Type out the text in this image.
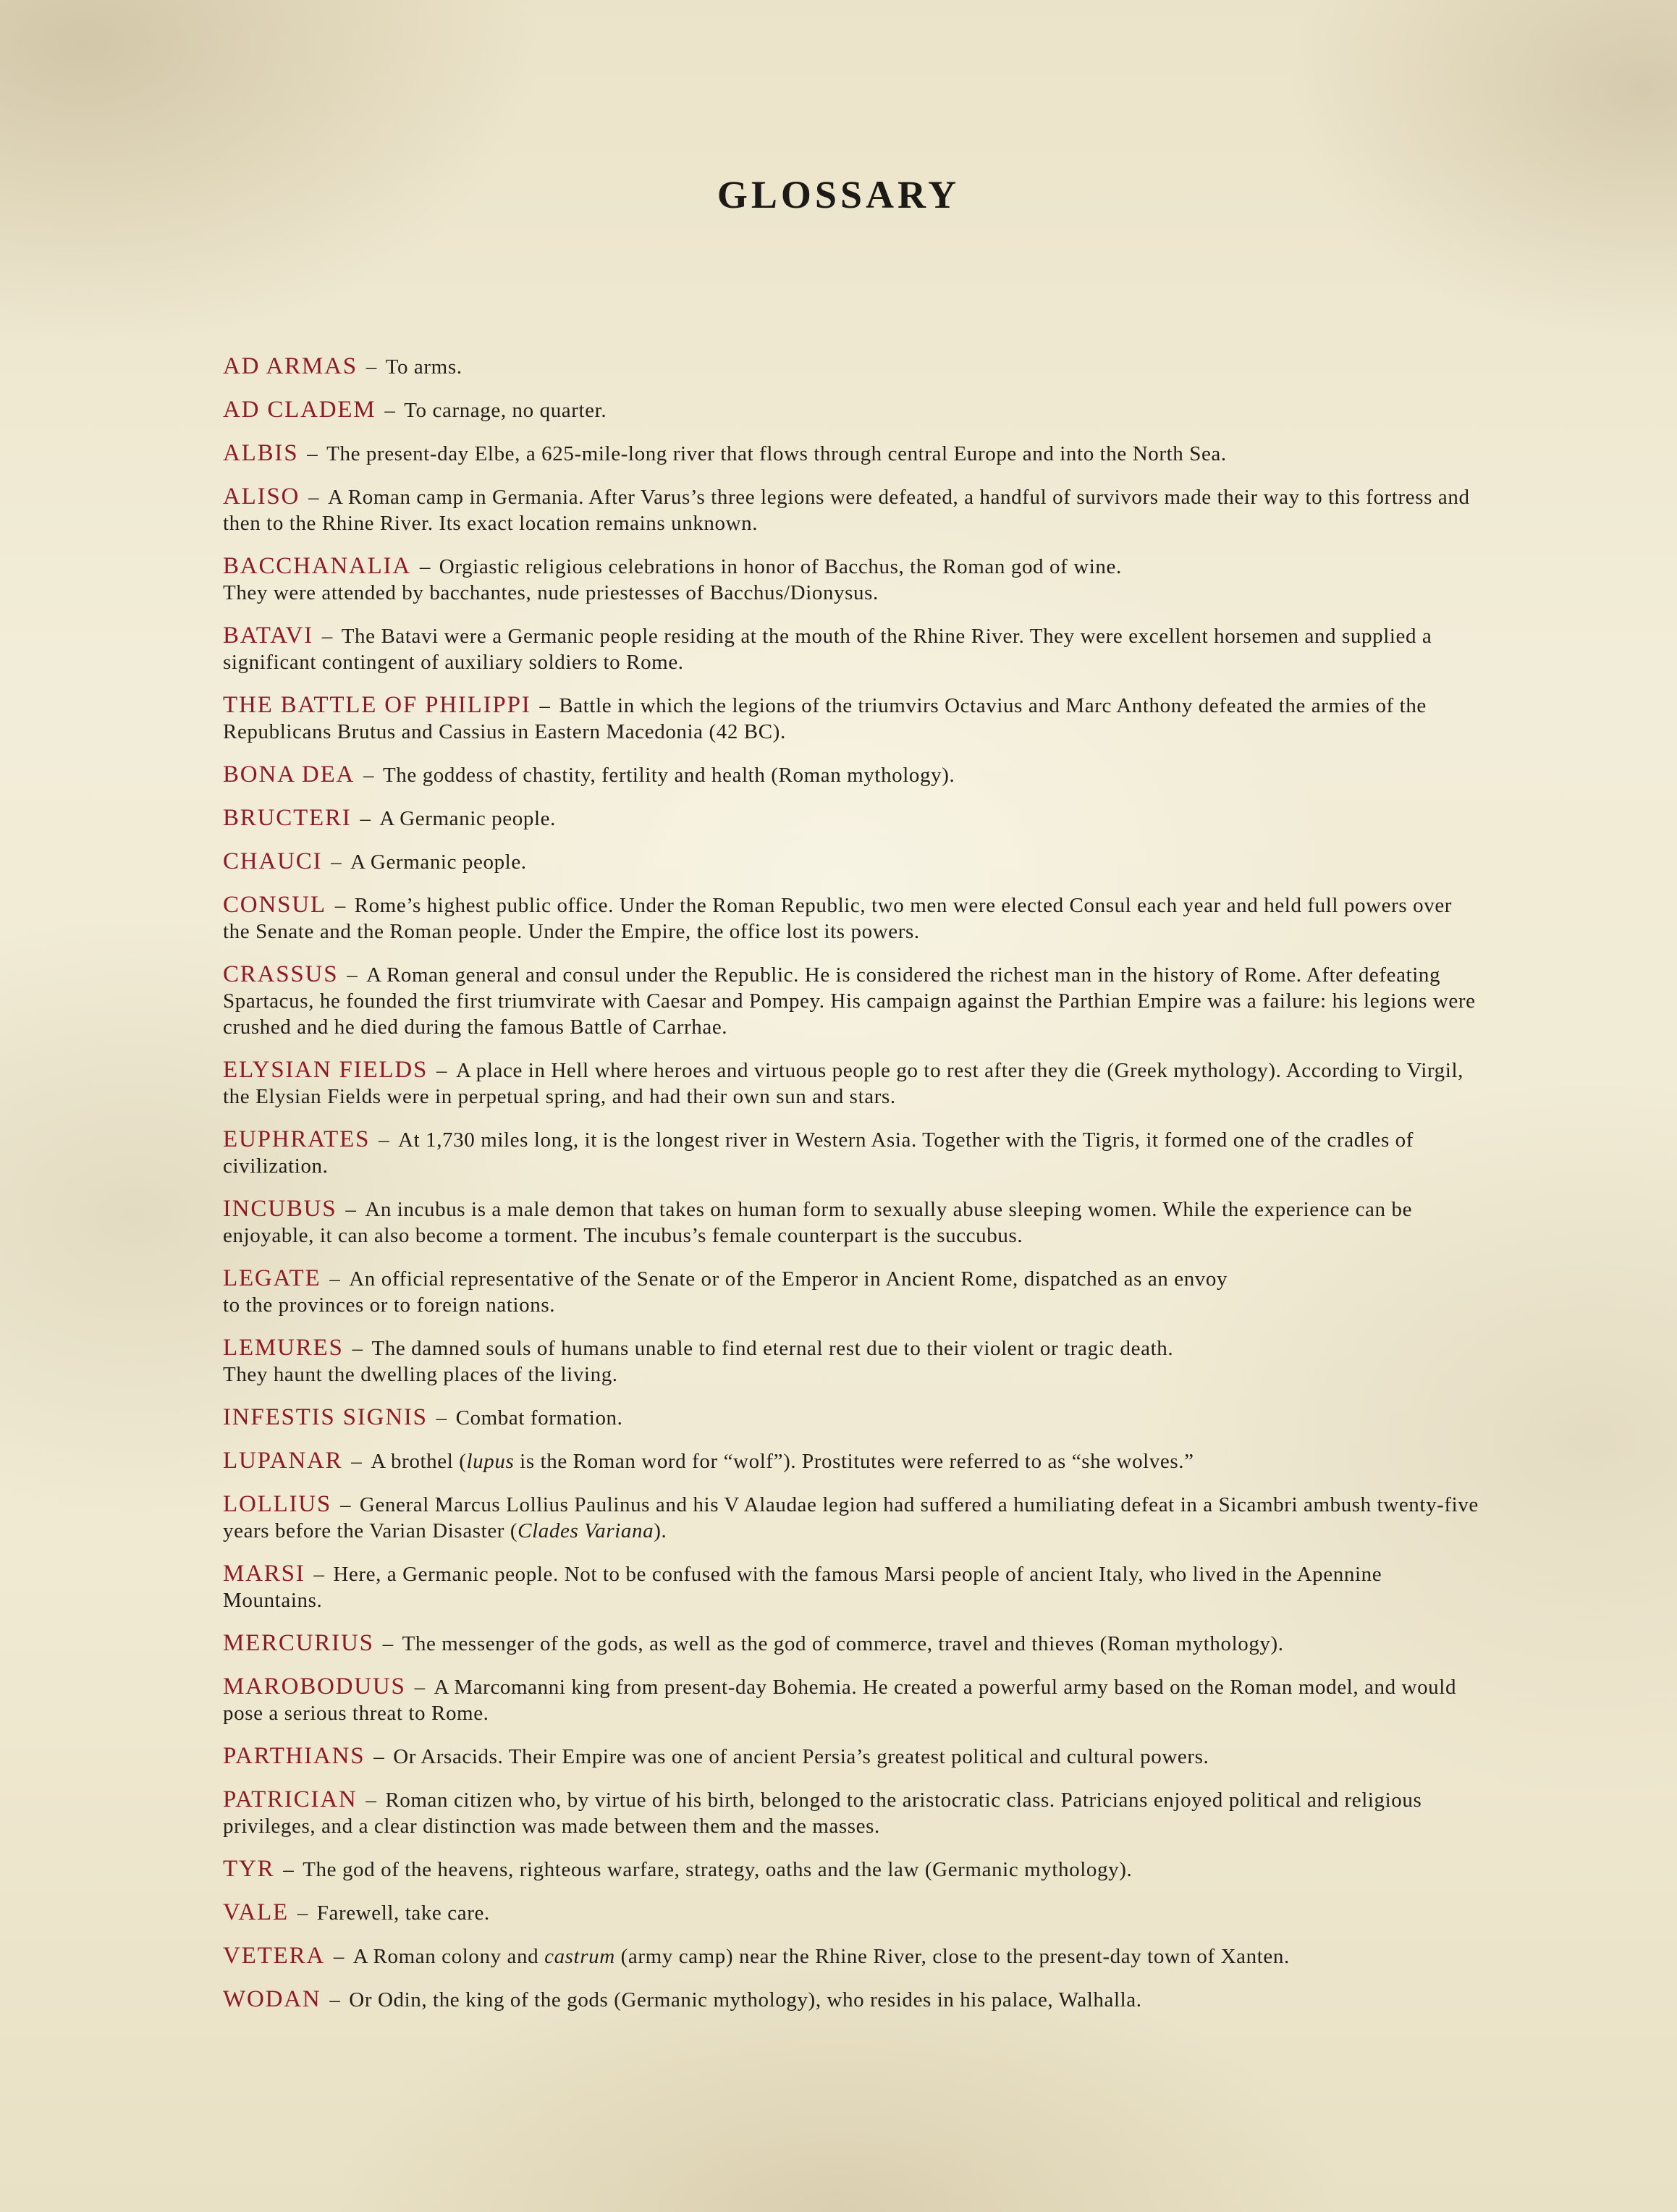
GLOSSARY
AD ARMAS – To arms.
AD CLADEM – To carnage, no quarter.
ALBIS – The present-day Elbe, a 625-mile-long river that flows through central Europe and into the North Sea.
ALISO – A Roman camp in Germania. After Varus’s three legions were defeated, a handful of survivors made their way to this fortress and then to the Rhine River. Its exact location remains unknown.
BACCHANALIA – Orgiastic religious celebrations in honor of Bacchus, the Roman god of wine.
They were attended by bacchantes, nude priestesses of Bacchus/Dionysus.
BATAVI – The Batavi were a Germanic people residing at the mouth of the Rhine River. They were excellent horsemen and supplied a significant contingent of auxiliary soldiers to Rome.
THE BATTLE OF PHILIPPI – Battle in which the legions of the triumvirs Octavius and Marc Anthony defeated the armies of the Republicans Brutus and Cassius in Eastern Macedonia (42 BC).
BONA DEA – The goddess of chastity, fertility and health (Roman mythology).
BRUCTERI – A Germanic people.
CHAUCI – A Germanic people.
CONSUL – Rome’s highest public office. Under the Roman Republic, two men were elected Consul each year and held full powers over the Senate and the Roman people. Under the Empire, the office lost its powers.
CRASSUS – A Roman general and consul under the Republic. He is considered the richest man in the history of Rome. After defeating Spartacus, he founded the first triumvirate with Caesar and Pompey. His campaign against the Parthian Empire was a failure: his legions were crushed and he died during the famous Battle of Carrhae.
ELYSIAN FIELDS – A place in Hell where heroes and virtuous people go to rest after they die (Greek mythology). According to Virgil, the Elysian Fields were in perpetual spring, and had their own sun and stars.
EUPHRATES – At 1,730 miles long, it is the longest river in Western Asia. Together with the Tigris, it formed one of the cradles of civilization.
INCUBUS – An incubus is a male demon that takes on human form to sexually abuse sleeping women. While the experience can be enjoyable, it can also become a torment. The incubus’s female counterpart is the succubus.
LEGATE – An official representative of the Senate or of the Emperor in Ancient Rome, dispatched as an envoy
to the provinces or to foreign nations.
LEMURES – The damned souls of humans unable to find eternal rest due to their violent or tragic death.
They haunt the dwelling places of the living.
INFESTIS SIGNIS – Combat formation.
LUPANAR – A brothel (lupus is the Roman word for “wolf”). Prostitutes were referred to as “she wolves.”
LOLLIUS – General Marcus Lollius Paulinus and his V Alaudae legion had suffered a humiliating defeat in a Sicambri ambush twenty-five years before the Varian Disaster (Clades Variana).
MARSI – Here, a Germanic people. Not to be confused with the famous Marsi people of ancient Italy, who lived in the Apennine Mountains.
MERCURIUS – The messenger of the gods, as well as the god of commerce, travel and thieves (Roman mythology).
MAROBODUUS – A Marcomanni king from present-day Bohemia. He created a powerful army based on the Roman model, and would pose a serious threat to Rome.
PARTHIANS – Or Arsacids. Their Empire was one of ancient Persia’s greatest political and cultural powers.
PATRICIAN – Roman citizen who, by virtue of his birth, belonged to the aristocratic class. Patricians enjoyed political and religious privileges, and a clear distinction was made between them and the masses.
TYR – The god of the heavens, righteous warfare, strategy, oaths and the law (Germanic mythology).
VALE – Farewell, take care.
VETERA – A Roman colony and castrum (army camp) near the Rhine River, close to the present-day town of Xanten.
WODAN – Or Odin, the king of the gods (Germanic mythology), who resides in his palace, Walhalla.
